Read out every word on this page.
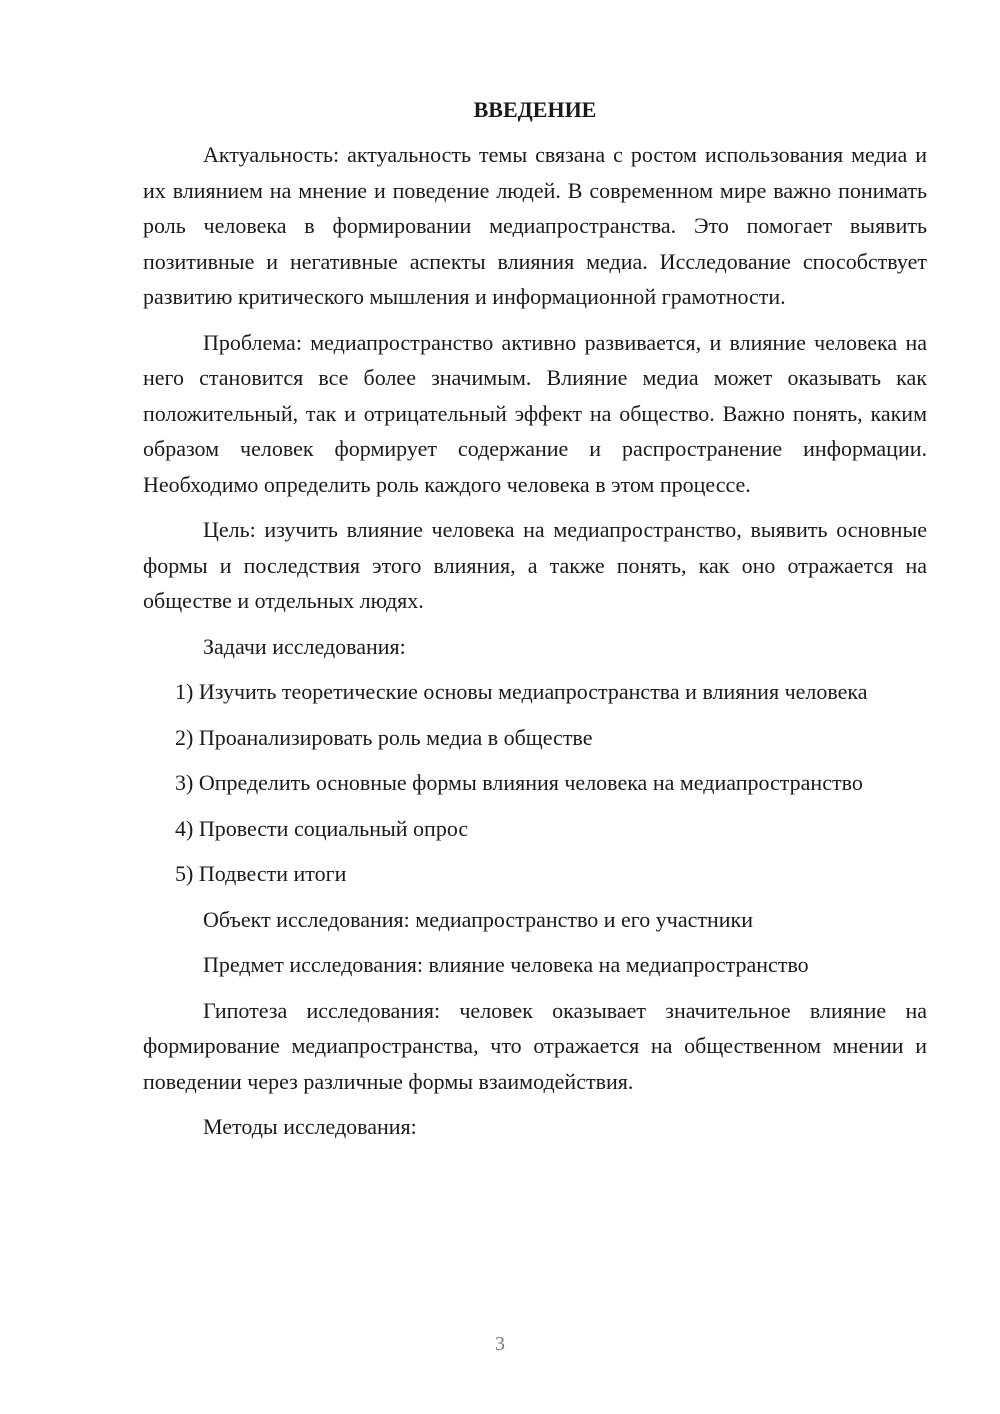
ВВЕДЕНИЕ

Актуальность: актуальность темы связана с ростом использования медиа и их влиянием на мнение и поведение людей. В современном мире важно понимать роль человека в формировании медиапространства. Это помогает выявить позитивные и негативные аспекты влияния медиа. Исследование способствует развитию критического мышления и информационной грамотности.

Проблема: медиапространство активно развивается, и влияние человека на него становится все более значимым. Влияние медиа может оказывать как положительный, так и отрицательный эффект на общество. Важно понять, каким образом человек формирует содержание и распространение информации. Необходимо определить роль каждого человека в этом процессе.

Цель: изучить влияние человека на медиапространство, выявить основные формы и последствия этого влияния, а также понять, как оно отражается на обществе и отдельных людях.

Задачи исследования:

1) Изучить теоретические основы медиапространства и влияния человека

2) Проанализировать роль медиа в обществе

3) Определить основные формы влияния человека на медиапространство

4) Провести социальный опрос

5) Подвести итоги

Объект исследования: медиапространство и его участники

Предмет исследования: влияние человека на медиапространство

Гипотеза исследования: человек оказывает значительное влияние на формирование медиапространства, что отражается на общественном мнении и поведении через различные формы взаимодействия.

Методы исследования:

3
